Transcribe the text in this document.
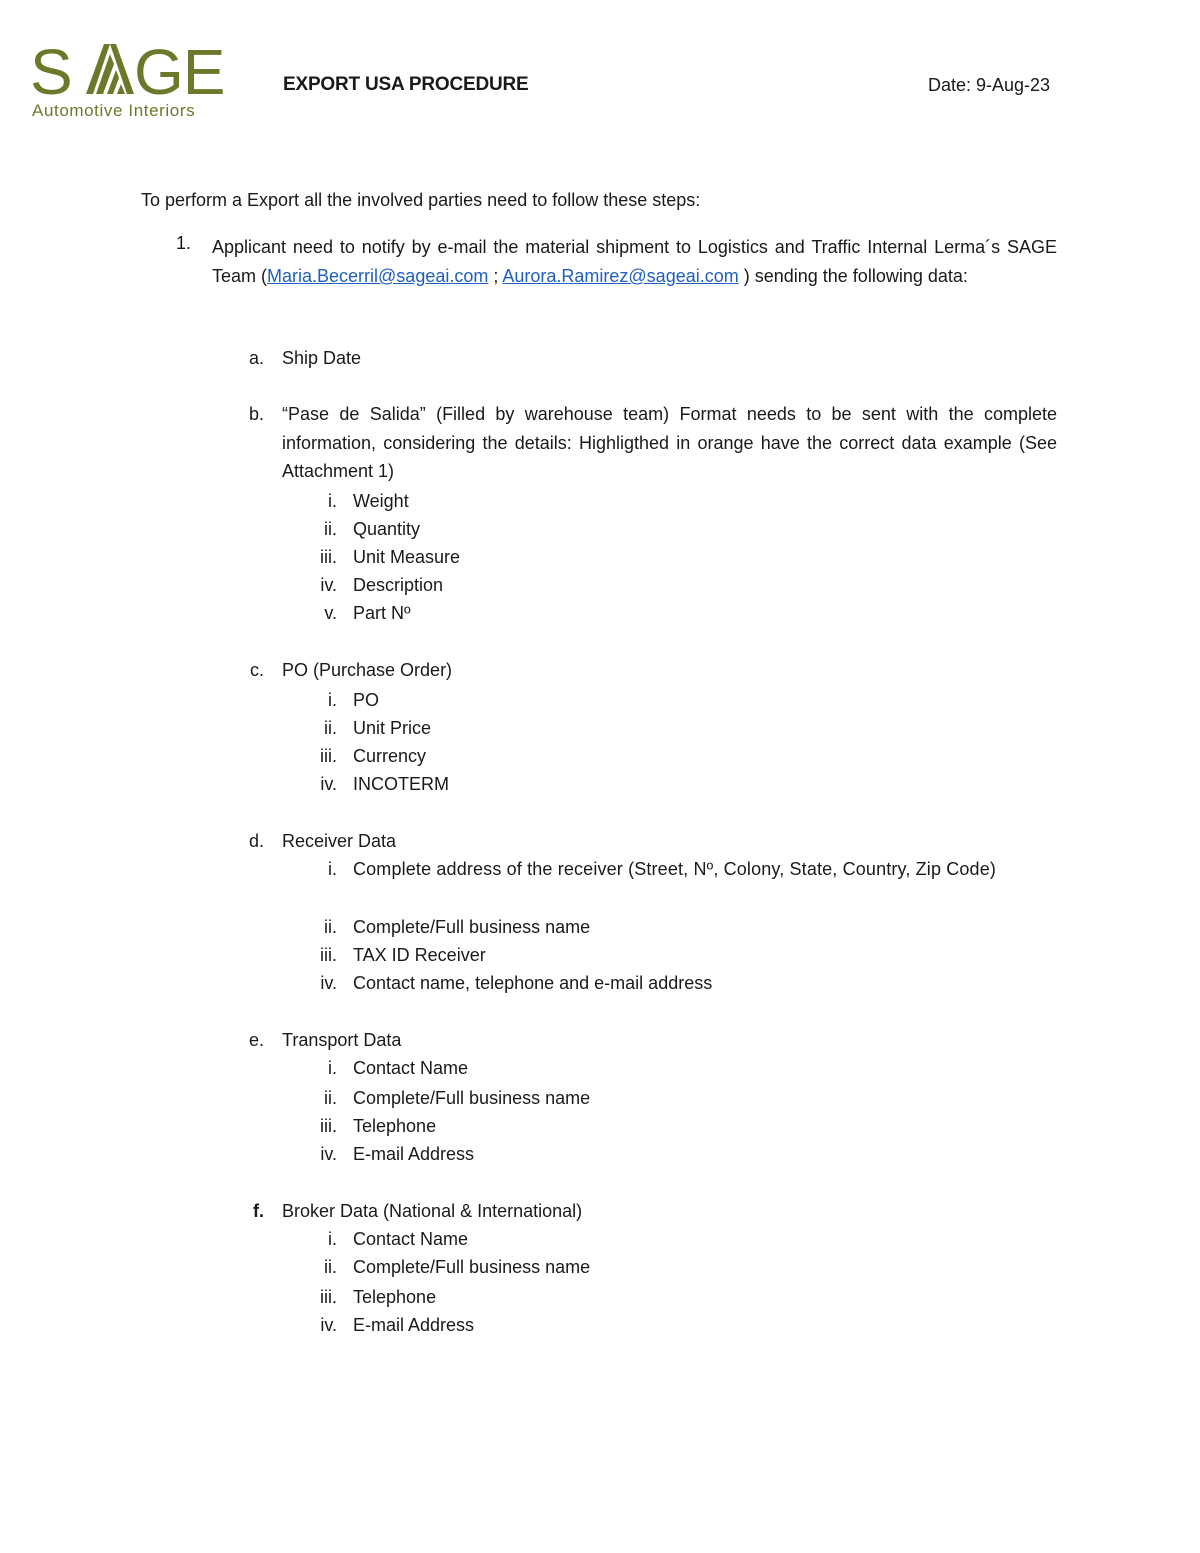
S GE
Automotive Interiors
EXPORT USA PROCEDURE	Date: 9-Aug-23
To perform a Export all the involved parties need to follow these steps:
1. Applicant need to notify by e-mail the material shipment to Logistics and Traffic Internal Lerma´s SAGE Team (Maria.Becerril@sageai.com ; Aurora.Ramirez@sageai.com ) sending the following data:
a. Ship Date
b. “Pase de Salida” (Filled by warehouse team) Format needs to be sent with the complete information, considering the details: Highligthed in orange have the correct data example (See Attachment 1)
i. Weight
ii. Quantity
iii. Unit Measure
iv. Description
v. Part Nº
c. PO (Purchase Order)
i. PO
ii. Unit Price
iii. Currency
iv. INCOTERM
d. Receiver Data
i. Complete address of the receiver (Street, Nº, Colony, State, Country, Zip Code)
ii. Complete/Full business name
iii. TAX ID Receiver
iv. Contact name, telephone and e-mail address
e. Transport Data
i. Contact Name
ii. Complete/Full business name
iii. Telephone
iv. E-mail Address
f. Broker Data (National & International)
i. Contact Name
ii. Complete/Full business name
iii. Telephone
iv. E-mail Address
